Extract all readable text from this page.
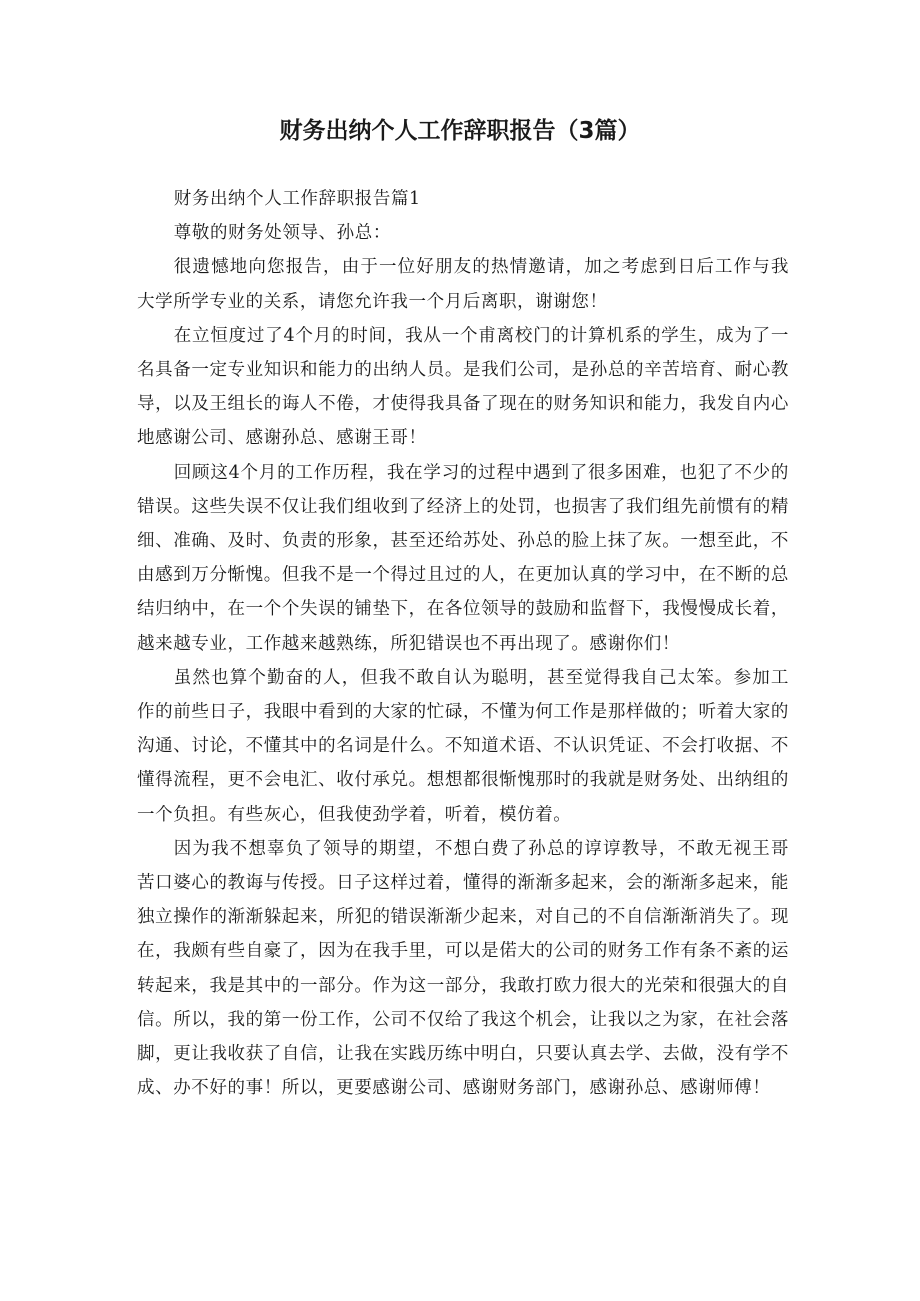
财务出纳个人工作辞职报告（3篇）

财务出纳个人工作辞职报告篇1

尊敬的财务处领导、孙总：

很遗憾地向您报告，由于一位好朋友的热情邀请，加之考虑到日后工作与我大学所学专业的关系，请您允许我一个月后离职，谢谢您！

在立恒度过了4个月的时间，我从一个甫离校门的计算机系的学生，成为了一名具备一定专业知识和能力的出纳人员。是我们公司，是孙总的辛苦培育、耐心教导，以及王组长的诲人不倦，才使得我具备了现在的财务知识和能力，我发自内心地感谢公司、感谢孙总、感谢王哥！

回顾这4个月的工作历程，我在学习的过程中遇到了很多困难，也犯了不少的错误。这些失误不仅让我们组收到了经济上的处罚，也损害了我们组先前惯有的精细、准确、及时、负责的形象，甚至还给苏处、孙总的脸上抹了灰。一想至此，不由感到万分惭愧。但我不是一个得过且过的人，在更加认真的学习中，在不断的总结归纳中，在一个个失误的铺垫下，在各位领导的鼓励和监督下，我慢慢成长着，越来越专业，工作越来越熟练，所犯错误也不再出现了。感谢你们！

虽然也算个勤奋的人，但我不敢自认为聪明，甚至觉得我自己太笨。参加工作的前些日子，我眼中看到的大家的忙碌，不懂为何工作是那样做的；听着大家的沟通、讨论，不懂其中的名词是什么。不知道术语、不认识凭证、不会打收据、不懂得流程，更不会电汇、收付承兑。想想都很惭愧那时的我就是财务处、出纳组的一个负担。有些灰心，但我使劲学着，听着，模仿着。

因为我不想辜负了领导的期望，不想白费了孙总的谆谆教导，不敢无视王哥苦口婆心的教诲与传授。日子这样过着，懂得的渐渐多起来，会的渐渐多起来，能独立操作的渐渐躲起来，所犯的错误渐渐少起来，对自己的不自信渐渐消失了。现在，我颇有些自豪了，因为在我手里，可以是偌大的公司的财务工作有条不紊的运转起来，我是其中的一部分。作为这一部分，我敢打欧力很大的光荣和很强大的自信。所以，我的第一份工作，公司不仅给了我这个机会，让我以之为家，在社会落脚，更让我收获了自信，让我在实践历练中明白，只要认真去学、去做，没有学不成、办不好的事！所以，更要感谢公司、感谢财务部门，感谢孙总、感谢师傅！
